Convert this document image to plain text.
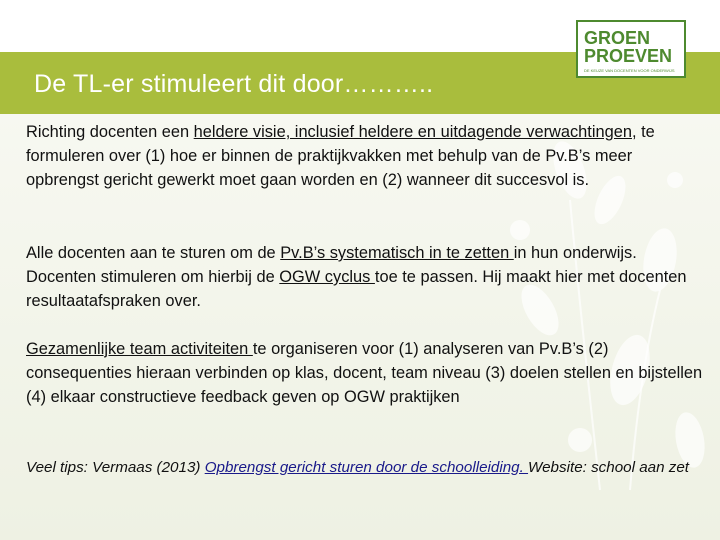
De TL-er stimuleert dit door………..
GROEN
PROEVEN
DE KEUZE VAN DOCENTEN VOOR ONDERWIJS
Richting docenten een heldere visie, inclusief heldere en uitdagende verwachtingen, te formuleren over (1) hoe er binnen de praktijkvakken met behulp van de Pv.B’s meer opbrengst gericht gewerkt moet gaan worden en (2) wanneer dit succesvol is.
Alle docenten aan te sturen om de Pv.B’s systematisch in te zetten in hun onderwijs. Docenten stimuleren om hierbij de OGW cyclus toe te passen. Hij maakt hier met docenten resultaatafspraken over.
Gezamenlijke team activiteiten te organiseren voor (1) analyseren van Pv.B’s (2) consequenties hieraan verbinden op klas, docent, team niveau (3) doelen stellen en bijstellen (4) elkaar constructieve feedback geven op OGW praktijken
Veel tips: Vermaas (2013) Opbrengst gericht sturen door de schoolleiding. Website: school aan zet
